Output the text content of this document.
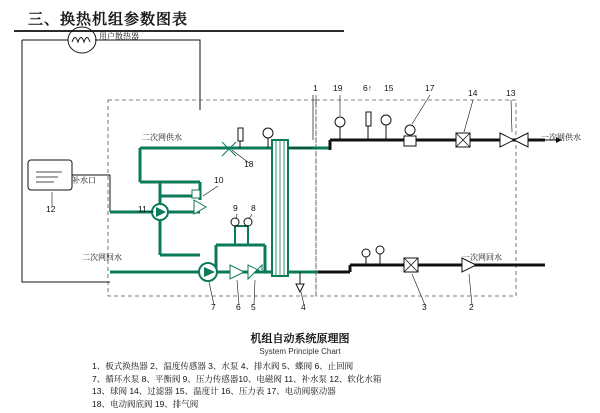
三、换热机组参数图表
用户散热器
二次网供水
二次网回水
一次网供水
一次网回水
补水口
1 19 6↑ 15	17	14	13
18
10
11
12	9 8
7 6 5	4	3	2
机组自动系统原理图
System Principle Chart
1、板式换热器 2、温度传感器 3、水泵 4、排水阀 5、蝶阀 6、止回阀
7、循环水泵 8、平衡阀 9、压力传感器10、电磁阀 11、补水泵 12、软化水箱
13、球阀 14、过滤器 15、温度计 16、压力表 17、电动阀驱动器
18、电动阀底阀 19、排气阀
